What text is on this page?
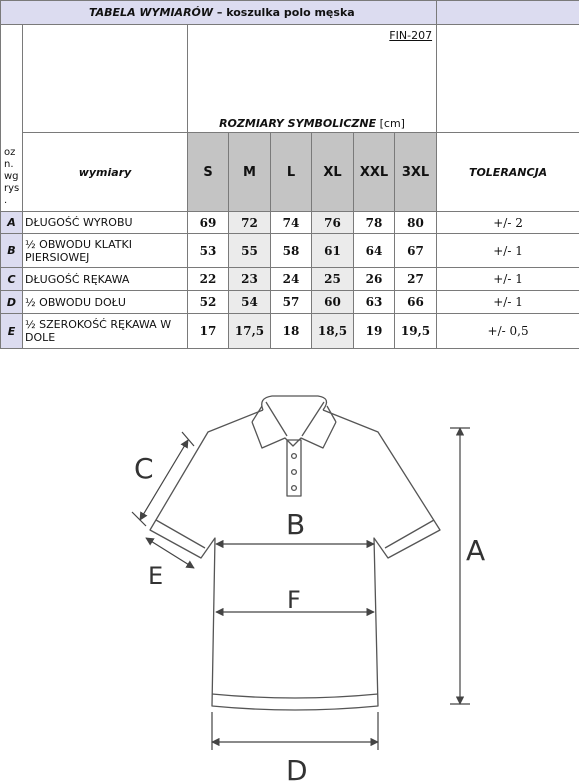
TABELA WYMIARÓW – koszulka polo męska								
oz n. wg rys .		FIN-207
ROZMIARY SYMBOLICZNE [cm]						
	wymiary	S	M	L	XL	XXL	3XL	TOLERANCJA
A	DŁUGOŚĆ WYROBU	69	72	74	76	78	80	+/- 2
B	½ OBWODU KLATKI PIERSIOWEJ	53	55	58	61	64	67	+/- 1
C	DŁUGOŚĆ RĘKAWA	22	23	24	25	26	27	+/- 1
D	½ OBWODU DOŁU	52	54	57	60	63	66	+/- 1
E	½ SZEROKOŚĆ RĘKAWA W DOLE	17	17,5	18	18,5	19	19,5	+/- 0,5
C
E
B
F
A
D
